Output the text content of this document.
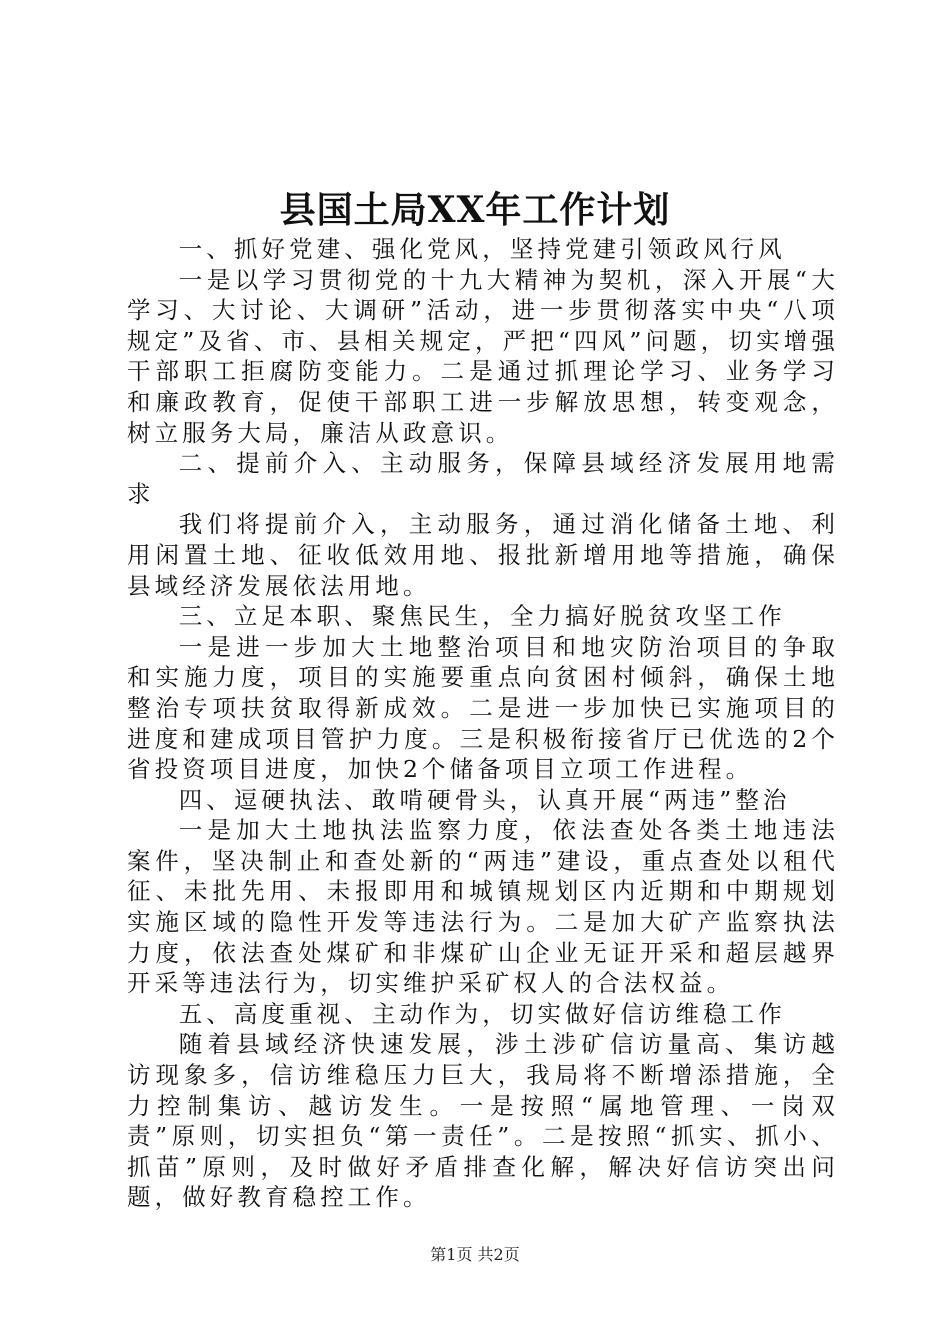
县国土局XX年工作计划

一、抓好党建、强化党风，坚持党建引领政风行风

一是以学习贯彻党的十九大精神为契机，深入开展“大学习、大讨论、大调研”活动，进一步贯彻落实中央“八项规定”及省、市、县相关规定，严把“四风”问题，切实增强干部职工拒腐防变能力。二是通过抓理论学习、业务学习和廉政教育，促使干部职工进一步解放思想，转变观念，树立服务大局，廉洁从政意识。

二、提前介入、主动服务，保障县域经济发展用地需求

我们将提前介入，主动服务，通过消化储备土地、利用闲置土地、征收低效用地、报批新增用地等措施，确保县域经济发展依法用地。

三、立足本职、聚焦民生，全力搞好脱贫攻坚工作

一是进一步加大土地整治项目和地灾防治项目的争取和实施力度，项目的实施要重点向贫困村倾斜，确保土地整治专项扶贫取得新成效。二是进一步加快已实施项目的进度和建成项目管护力度。三是积极衔接省厅已优选的2个省投资项目进度，加快2个储备项目立项工作进程。

四、逗硬执法、敢啃硬骨头，认真开展“两违”整治

一是加大土地执法监察力度，依法查处各类土地违法案件，坚决制止和查处新的“两违”建设，重点查处以租代征、未批先用、未报即用和城镇规划区内近期和中期规划实施区域的隐性开发等违法行为。二是加大矿产监察执法力度，依法查处煤矿和非煤矿山企业无证开采和超层越界开采等违法行为，切实维护采矿权人的合法权益。

五、高度重视、主动作为，切实做好信访维稳工作

随着县域经济快速发展，涉土涉矿信访量高、集访越访现象多，信访维稳压力巨大，我局将不断增添措施，全力控制集访、越访发生。一是按照“属地管理、一岗双责”原则，切实担负“第一责任”。二是按照“抓实、抓小、抓苗”原则，及时做好矛盾排查化解，解决好信访突出问题，做好教育稳控工作。

第1页 共2页
